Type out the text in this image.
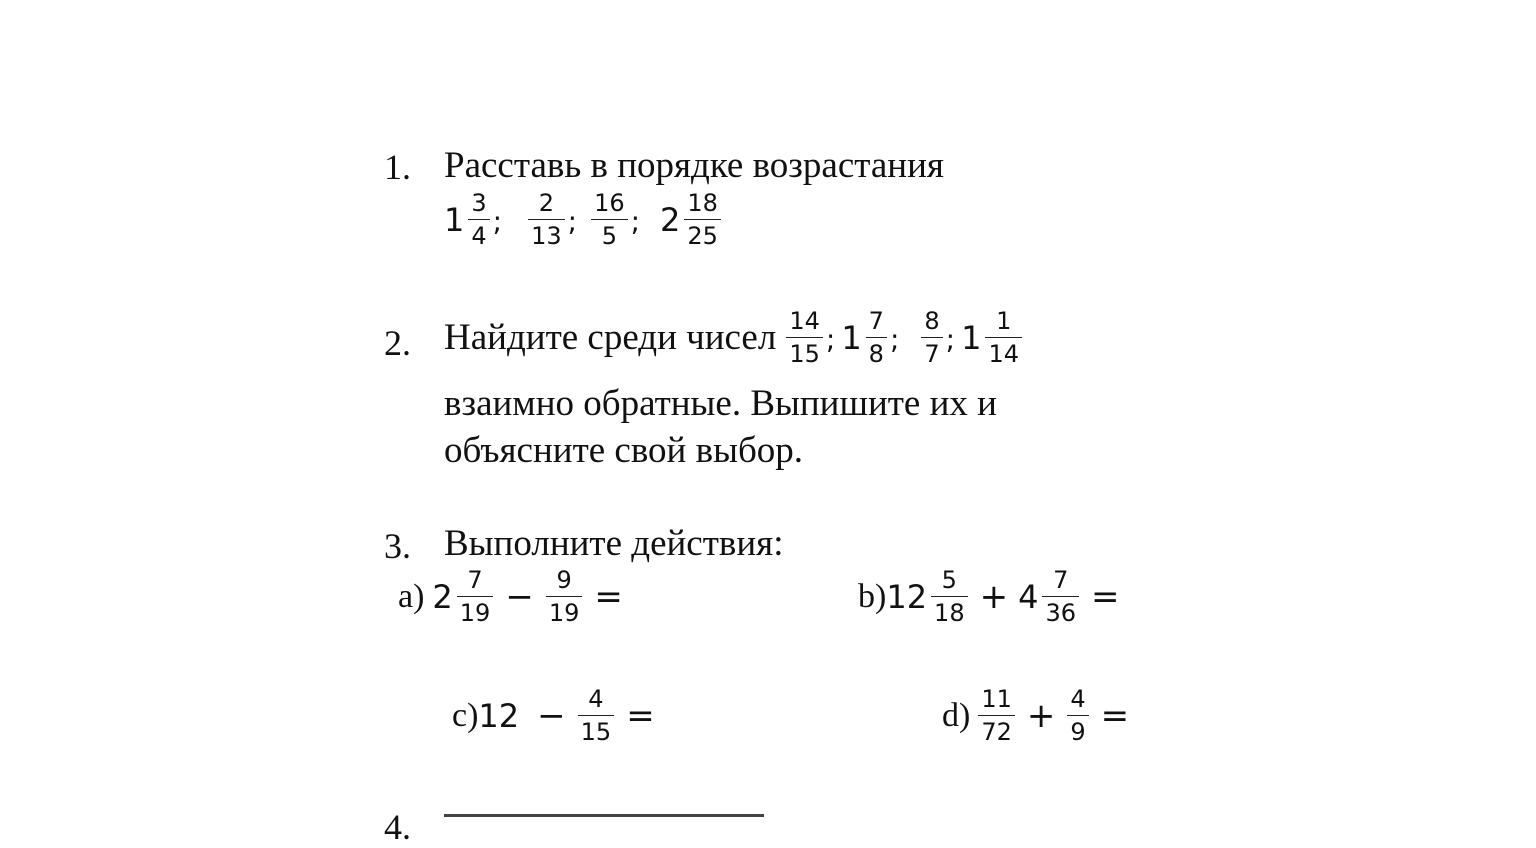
1. Расставь в порядке возрастания
$1 \frac{3}{4}$ ; $\frac{2}{13}$ ; $\frac{16}{5}$ ; $2 \frac{18}{25}$
2. Найдите среди чисел $\frac{14}{15}$ ; $1 \frac{7}{8}$ ; $\frac{8}{7}$ ; $1 \frac{1}{14}$
взаимно обратные. Выпишите их и
объясните свой выбор.
3. Выполните действия:
a) $2 \frac{7}{19} - \frac{9}{19}$ =	b) $12 \frac{5}{18} + 4 \frac{7}{36}$ =
c) $12 - \frac{4}{15}$ =	$d) \frac{11}{72} + \frac{4}{9}$ =
4.
